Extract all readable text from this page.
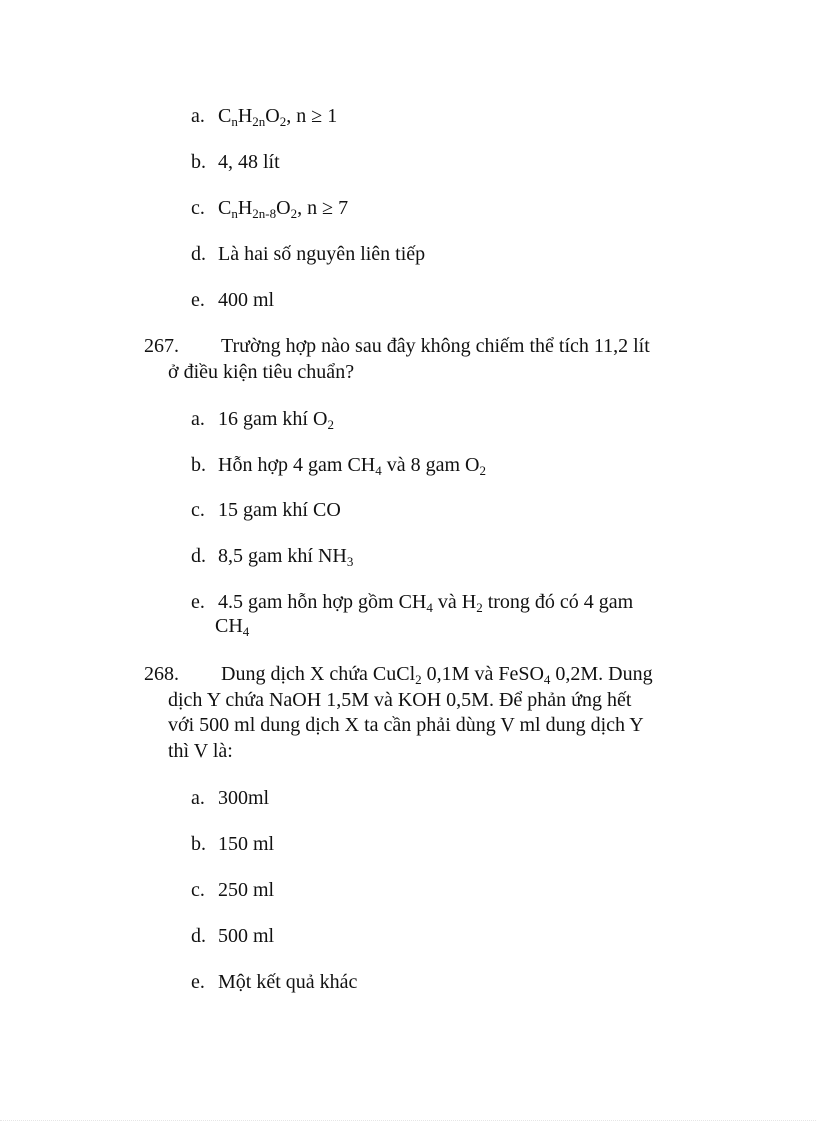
a. $C_nH_{2n}O_2$, n ≥ 1
b. 4, 48 lít
c. $C_nH_{2n-8}O_2$, n ≥ 7
d. Là hai số nguyên liên tiếp
e. 400 ml
267.	Trường hợp nào sau đây không chiếm thể tích 11,2 lít
ở điều kiện tiêu chuẩn?
a. 16 gam khí $O_2$
b. Hỗn hợp 4 gam $CH_4$ và 8 gam $O_2$
c. 15 gam khí CO
d. 8,5 gam khí $NH_3$
e. 4.5 gam hỗn hợp gồm $CH_4$ và $H_2$ trong đó có 4 gam
$CH_4$
268.	Dung dịch X chứa CuCl$_2$ 0,1M và FeSO$_4$ 0,2M. Dung
dịch Y chứa NaOH 1,5M và KOH 0,5M. Để phản ứng hết
với 500 ml dung dịch X ta cần phải dùng V ml dung dịch Y
thì V là:
a. 300ml
b. 150 ml
c. 250 ml
d. 500 ml
e. Một kết quả khác
